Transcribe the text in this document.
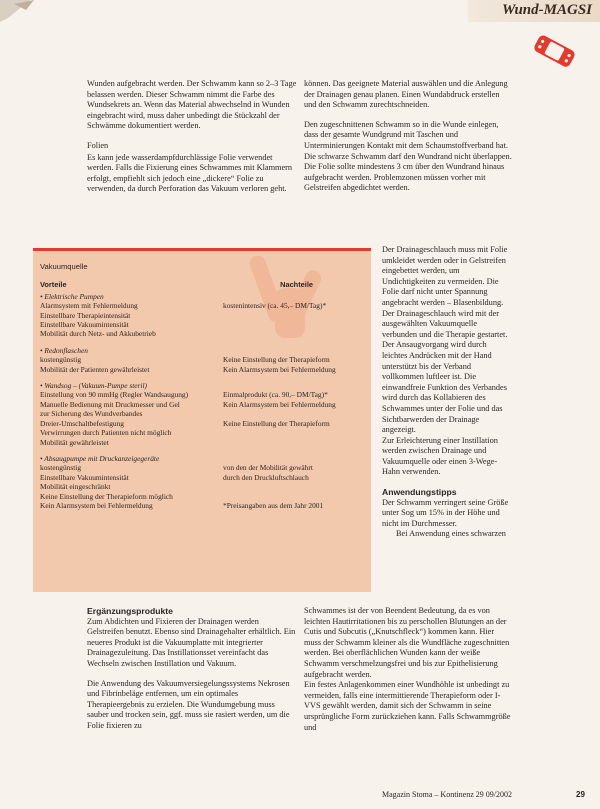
Wund-MAGSI

Wunden aufgebracht werden. Der Schwamm kann so 2–3 Tage belassen werden. Dieser Schwamm nimmt die Farbe des Wundsekrets an. Wenn das Material abwechselnd in Wunden eingebracht wird, muss daher unbedingt die Stückzahl der Schwämme dokumentiert werden.

Folien

Es kann jede wasserdampfdurchlässige Folie verwendet werden. Falls die Fixierung eines Schwammes mit Klammern erfolgt, empfiehlt sich jedoch eine „dickere“ Folie zu verwenden, da durch Perforation das Vakuum verloren geht.

können. Das geeignete Material auswählen und die Anlegung der Drainagen genau planen. Einen Wundabdruck erstellen und den Schwamm zurechtschneiden.

Den zugeschnittenen Schwamm so in die Wunde einlegen, dass der gesamte Wundgrund mit Taschen und Unterminierungen Kontakt mit dem Schaumstoffverband hat. Die schwarze Schwamm darf den Wundrand nicht überlappen.

Die Folie sollte mindestens 3 cm über den Wundrand hinaus aufgebracht werden. Problemzonen müssen vorher mit Gelstreifen abgedichtet werden.

Vakuumquelle
Vorteile	Nachteile
• Elektrische Pumpen
Alarmsystem mit Fehlermeldung	kostenintensiv (ca. 45,– DM/Tag)*
Einstellbare Therapieintensität
Einstellbare Vakuumintensität
Mobilität durch Netz- und Akkubetrieb
• Redonflaschen
kostengünstig	Keine Einstellung der Therapieform
Mobilität der Patienten gewährleistet	Kein Alarmsystem bei Fehlermeldung
• Wandsog – (Vakuum-Pumpe steril)
Einstellung von 90 mmHg (Regler Wandsaugung)	Einmalprodukt (ca. 90,– DM/Tag)*
Manuelle Bedienung mit Druckmesser und Gel	Kein Alarmsystem bei Fehlermeldung
zur Sicherung des Wundverbandes
Dreier-Umschaltbefestigung	Keine Einstellung der Therapieform
Verwirrungen durch Patienten nicht möglich
Mobilität gewährleistet
• Absaugpumpe mit Druckanzeigegeräte
kostengünstig	von den der Mobilität gewährt
Einstellbare Vakuumintensität	durch den Druckluftschlauch
Mobilität eingeschränkt
Keine Einstellung der Therapieform möglich
Kein Alarmsystem bei Fehlermeldung	*Preisangaben aus dem Jahr 2001

Der Drainageschlauch muss mit Folie umkleidet werden oder in Gelstreifen eingebettet werden, um Undichtigkeiten zu vermeiden. Die Folie darf nicht unter Spannung angebracht werden – Blasenbildung.

Der Drainageschlauch wird mit der ausgewählten Vakuumquelle verbunden und die Therapie gestartet.

Der Ansaugvorgang wird durch leichtes Andrücken mit der Hand unterstützt bis der Verband vollkommen luftleer ist. Die einwandfreie Funktion des Verbandes wird durch das Kollabieren des Schwammes unter der Folie und das Sichtbarwerden der Drainage angezeigt.

Zur Erleichterung einer Instillation werden zwischen Drainage und Vakuumquelle oder einen 3-Wege-Hahn verwenden.

Anwendungstipps

Der Schwamm verringert seine Größe unter Sog um 15% in der Höhe und nicht im Durchmesser.

Bei Anwendung eines schwarzen

Ergänzungsprodukte

Zum Abdichten und Fixieren der Drainagen werden Gelstreifen benutzt. Ebenso sind Drainagehalter erhältlich. Ein neueres Produkt ist die Vakuumplatte mit integrierter Drainagezuleitung. Das Instillationsset vereinfacht das Wechseln zwischen Instillation und Vakuum.

Die Anwendung des Vakuumversiegelungssystems Nekrosen und Fibrinbeläge entfernen, um ein optimales Therapieergebnis zu erzielen. Die Wundumgebung muss sauber und trocken sein, ggf. muss sie rasiert werden, um die Folie fixieren zu

Schwammes ist der von Beendent Bedeutung, da es von leichten Hautirritationen bis zu perschollen Blutungen an der Cutis und Subcutis („Knutschfleck“) kommen kann. Hier muss der Schwamm kleiner als die Wundfläche zugeschnitten werden. Bei oberflächlichen Wunden kann der weiße Schwamm verschmelzungsfrei und bis zur Epithelisierung aufgebracht werden.

Ein festes Anlagenkommen einer Wundhöhle ist unbedingt zu vermeiden, falls eine intermittierende Therapieform oder I-VVS gewählt werden, damit sich der Schwamm in seine ursprüngliche Form zurückziehen kann. Falls Schwammgröße und

Magazin Stoma – Kontinenz 29 09/2002	29
